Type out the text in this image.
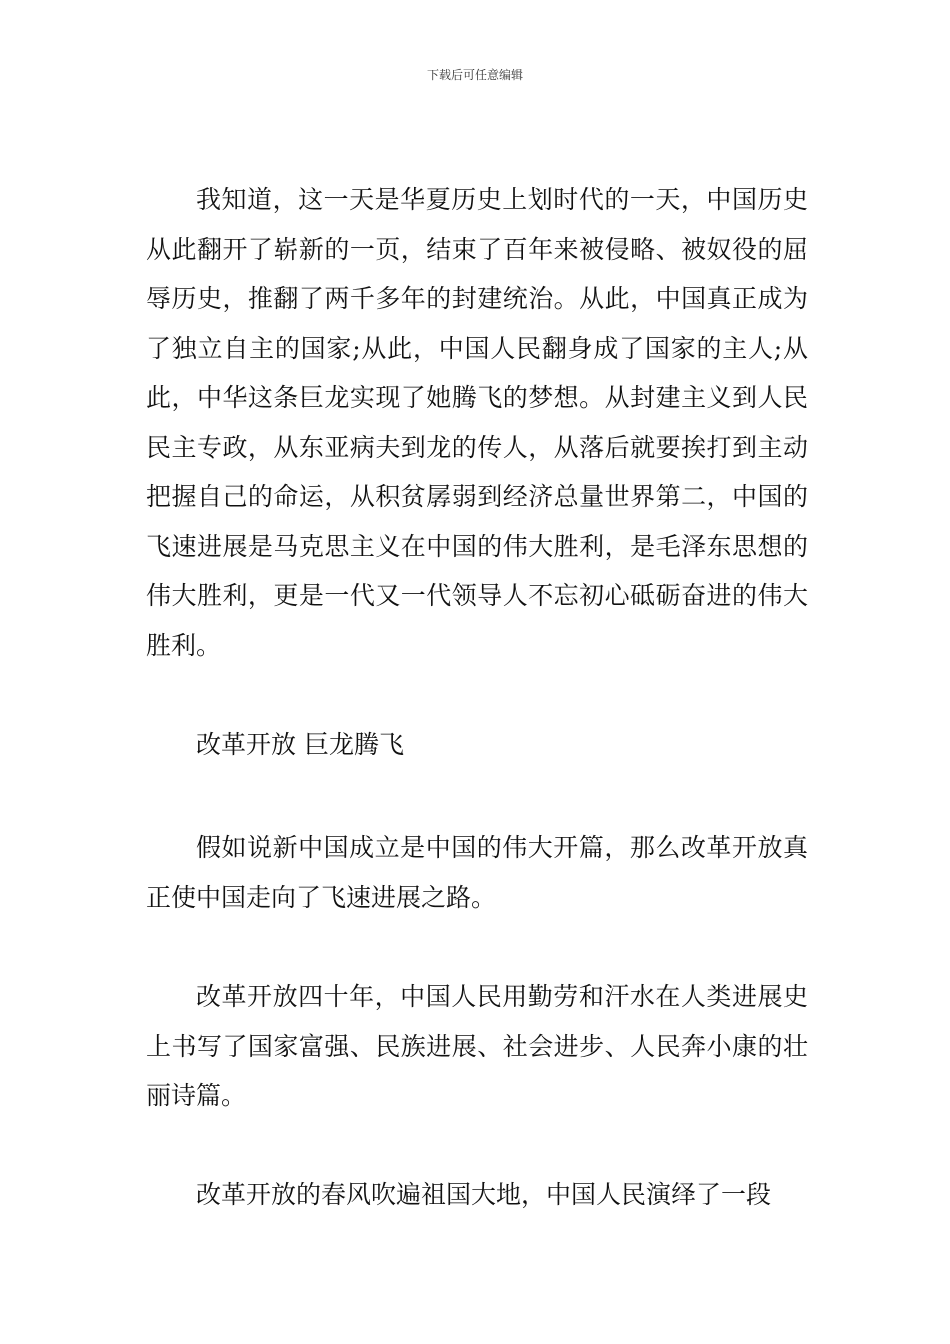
下载后可任意编辑

我知道，这一天是华夏历史上划时代的一天，中国历史从此翻开了崭新的一页，结束了百年来被侵略、被奴役的屈辱历史，推翻了两千多年的封建统治。从此，中国真正成为了独立自主的国家;从此，中国人民翻身成了国家的主人;从此，中华这条巨龙实现了她腾飞的梦想。从封建主义到人民民主专政，从东亚病夫到龙的传人，从落后就要挨打到主动把握自己的命运，从积贫孱弱到经济总量世界第二，中国的飞速进展是马克思主义在中国的伟大胜利，是毛泽东思想的伟大胜利，更是一代又一代领导人不忘初心砥砺奋进的伟大胜利。

改革开放 巨龙腾飞

假如说新中国成立是中国的伟大开篇，那么改革开放真正使中国走向了飞速进展之路。

改革开放四十年，中国人民用勤劳和汗水在人类进展史上书写了国家富强、民族进展、社会进步、人民奔小康的壮丽诗篇。

改革开放的春风吹遍祖国大地，中国人民演绎了一段
